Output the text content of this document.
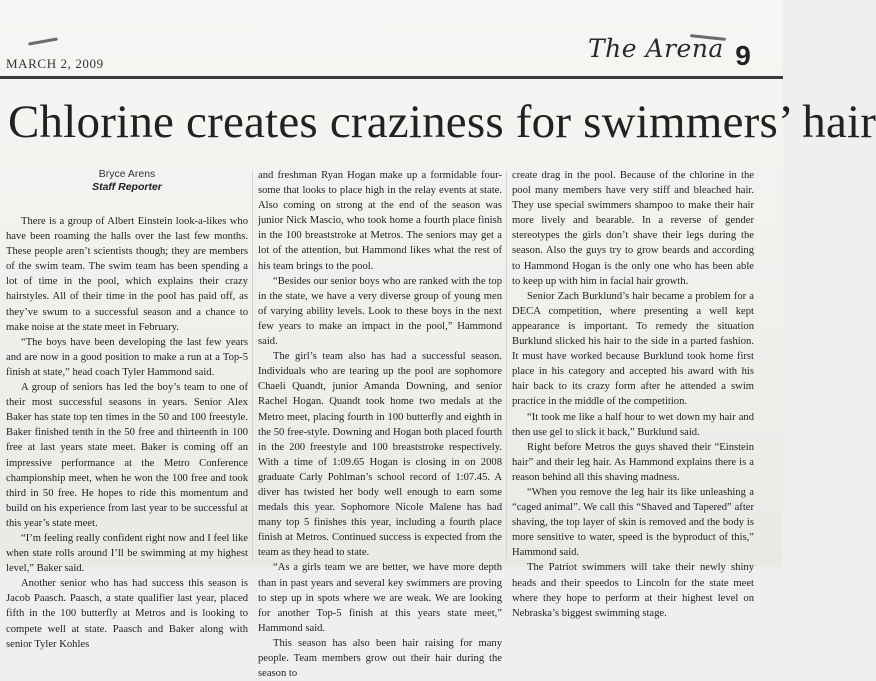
MARCH 2, 2009
The Arena 9
Chlorine creates craziness for swimmers’ hair
Bryce Arens
Staff Reporter

There is a group of Albert Einstein look-a-likes who have been roaming the halls over the last few months. These people aren’t scientists though; they are members of the swim team. The swim team has been spending a lot of time in the pool, which explains their crazy hairstyles. All of their time in the pool has paid off, as they’ve swum to a successful season and a chance to make noise at the state meet in February.

“The boys have been developing the last few years and are now in a good position to make a run at a Top-5 finish at state,” head coach Tyler Hammond said.

A group of seniors has led the boy’s team to one of their most successful seasons in years. Senior Alex Baker has state top ten times in the 50 and 100 freestyle. Baker finished tenth in the 50 free and thirteenth in 100 free at last years state meet. Baker is coming off an impressive performance at the Metro Conference championship meet, when he won the 100 free and took third in 50 free. He hopes to ride this momentum and build on his experience from last year to be successful at this year’s state meet.

“I’m feeling really confident right now and I feel like when state rolls around I’ll be swimming at my highest level,” Baker said.

Another senior who has had success this season is Jacob Paasch. Paasch, a state qualifier last year, placed fifth in the 100 butterfly at Metros and is looking to compete well at state. Paasch and Baker along with senior Tyler Kohles

and freshman Ryan Hogan make up a formidable four-some that looks to place high in the relay events at state. Also coming on strong at the end of the season was junior Nick Mascio, who took home a fourth place finish in the 100 breaststroke at Metros. The seniors may get a lot of the attention, but Hammond likes what the rest of his team brings to the pool.

“Besides our senior boys who are ranked with the top in the state, we have a very diverse group of young men of varying ability levels. Look to these boys in the next few years to make an impact in the pool,” Hammond said.

The girl’s team also has had a successful season. Individuals who are tearing up the pool are sophomore Chaeli Quandt, junior Amanda Downing, and senior Rachel Hogan. Quandt took home two medals at the Metro meet, placing fourth in 100 butterfly and eighth in the 50 free-style. Downing and Hogan both placed fourth in the 200 freestyle and 100 breaststroke respectively. With a time of 1:09.65 Hogan is closing in on 2008 graduate Carly Pohlman’s school record of 1:07.45. A diver has twisted her body well enough to earn some medals this year. Sophomore Nicole Malene has had many top 5 finishes this year, including a fourth place finish at Metros. Continued success is expected from the team as they head to state.

“As a girls team we are better, we have more depth than in past years and several key swimmers are proving to step up in spots where we are weak. We are looking for another Top-5 finish at this years state meet,” Hammond said.

This season has also been hair raising for many people. Team members grow out their hair during the season to

create drag in the pool. Because of the chlorine in the pool many members have very stiff and bleached hair. They use special swimmers shampoo to make their hair more lively and bearable. In a reverse of gender stereotypes the girls don’t shave their legs during the season. Also the guys try to grow beards and according to Hammond Hogan is the only one who has been able to keep up with him in facial hair growth.

Senior Zach Burklund’s hair became a problem for a DECA competition, where presenting a well kept appearance is important. To remedy the situation Burklund slicked his hair to the side in a parted fashion. It must have worked because Burklund took home first place in his category and accepted his award with his hair back to its crazy form after he attended a swim practice in the middle of the competition.

“It took me like a half hour to wet down my hair and then use gel to slick it back,” Burklund said.

Right before Metros the guys shaved their “Einstein hair” and their leg hair. As Hammond explains there is a reason behind all this shaving madness.

“When you remove the leg hair its like unleashing a “caged animal”. We call this “Shaved and Tapered” after shaving, the top layer of skin is removed and the body is more sensitive to water, speed is the byproduct of this,” Hammond said.

The Patriot swimmers will take their newly shiny heads and their speedos to Lincoln for the state meet where they hope to perform at their highest level on Nebraska’s biggest swimming stage.
